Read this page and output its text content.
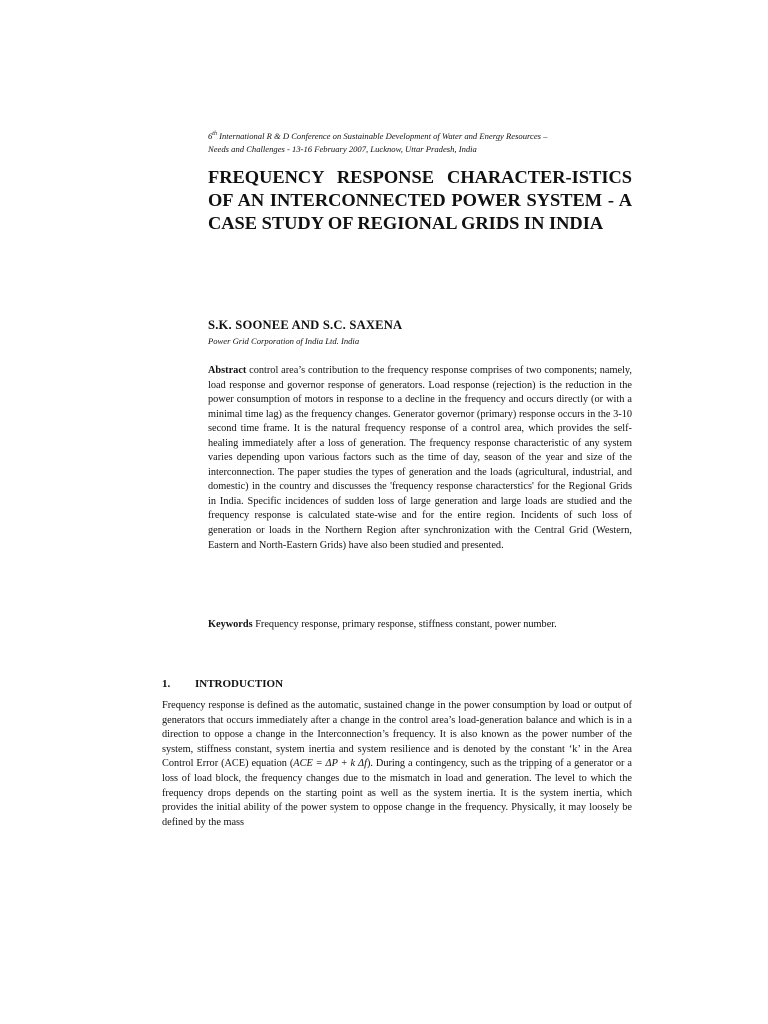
6th International R & D Conference on Sustainable Development of Water and Energy Resources –
Needs and Challenges - 13-16 February 2007, Lucknow, Uttar Pradesh, India
FREQUENCY RESPONSE CHARACTER-ISTICS OF AN INTERCONNECTED POWER SYSTEM - A CASE STUDY OF REGIONAL GRIDS IN INDIA
S.K. SOONEE AND S.C. SAXENA
Power Grid Corporation of India Ltd. India
Abstract control area’s contribution to the frequency response comprises of two components; namely, load response and governor response of generators. Load response (rejection) is the reduction in the power consumption of motors in response to a decline in the frequency and occurs directly (or with a minimal time lag) as the frequency changes. Generator governor (primary) response occurs in the 3-10 second time frame. It is the natural frequency response of a control area, which provides the self-healing immediately after a loss of generation. The frequency response characteristic of any system varies depending upon various factors such as the time of day, season of the year and size of the interconnection. The paper studies the types of generation and the loads (agricultural, industrial, and domestic) in the country and discusses the 'frequency response characterstics' for the Regional Grids in India. Specific incidences of sudden loss of large generation and large loads are studied and the frequency response is calculated state-wise and for the entire region. Incidents of such loss of generation or loads in the Northern Region after synchronization with the Central Grid (Western, Eastern and North-Eastern Grids) have also been studied and presented.
Keywords Frequency response, primary response, stiffness constant, power number.
1. INTRODUCTION
Frequency response is defined as the automatic, sustained change in the power consumption by load or output of generators that occurs immediately after a change in the control area’s load-generation balance and which is in a direction to oppose a change in the Interconnection’s frequency. It is also known as the power number of the system, stiffness constant, system inertia and system resilience and is denoted by the constant ‘k’ in the Area Control Error (ACE) equation (ACE = ΔP + k Δf). During a contingency, such as the tripping of a generator or a loss of load block, the frequency changes due to the mismatch in load and generation. The level to which the frequency drops depends on the starting point as well as the system inertia. It is the system inertia, which provides the initial ability of the power system to oppose change in the frequency. Physically, it may loosely be defined by the mass
